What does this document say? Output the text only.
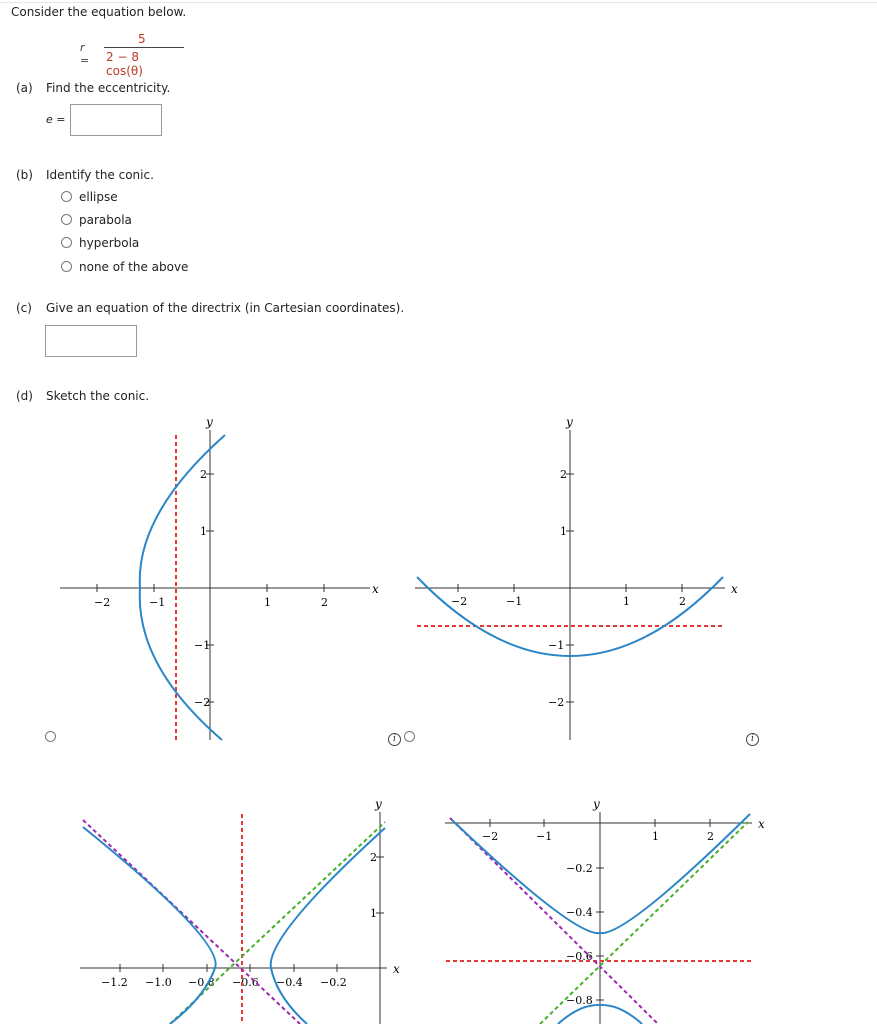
Consider the equation below.
r =
5
2 − 8 cos(θ)
(a) Find the eccentricity.
e =
(b) Identify the conic.
ellipse
parabola
hyperbola
none of the above
(c) Give an equation of the directrix (in Cartesian coordinates).
(d) Sketch the conic.
−2	−1	1	2
2
1
−1
−2
x
y
i
−2	−1	1	2
2
1
−1
−2
x
y
i
−1.2 −1.0 −0.8 −0.6 −0.4 −0.2
2
1
x
y
−2	−1	1	2
−0.2
−0.4
−0.6
−0.8
x
y
